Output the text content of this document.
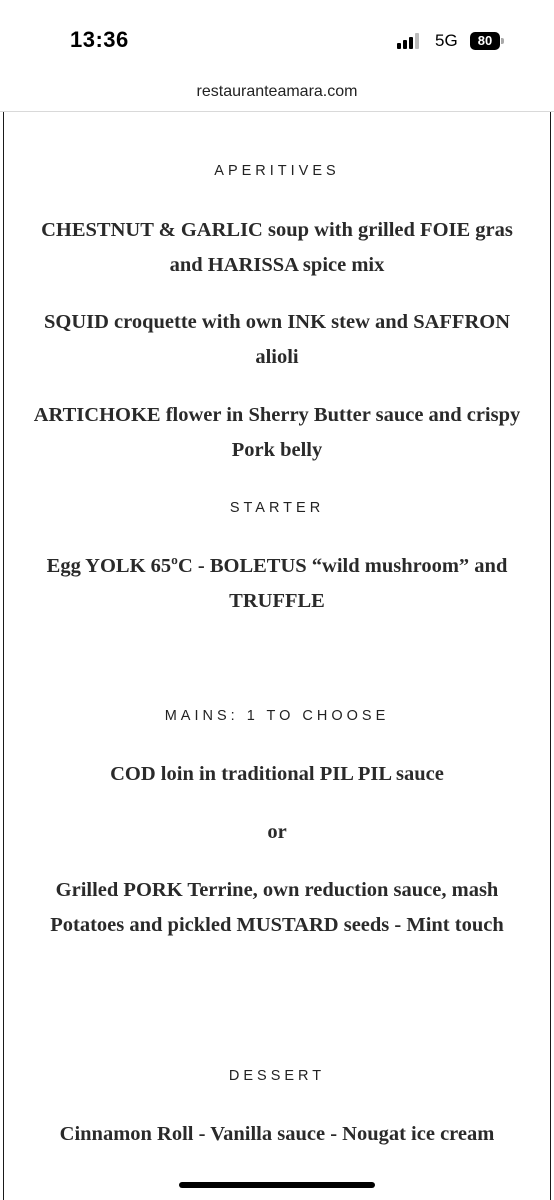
13:36	5G	80
restauranteamara.com
APERITIVES
CHESTNUT & GARLIC soup with grilled FOIE gras and HARISSA spice mix
SQUID croquette with own INK stew and SAFFRON alioli
ARTICHOKE flower in Sherry Butter sauce and crispy Pork belly
STARTER
Egg YOLK 65ºC - BOLETUS “wild mushroom” and TRUFFLE
MAINS: 1 TO CHOOSE
COD loin in traditional PIL PIL sauce
or
Grilled PORK Terrine, own reduction sauce, mash Potatoes and pickled MUSTARD seeds - Mint touch
DESSERT
Cinnamon Roll - Vanilla sauce - Nougat ice cream
